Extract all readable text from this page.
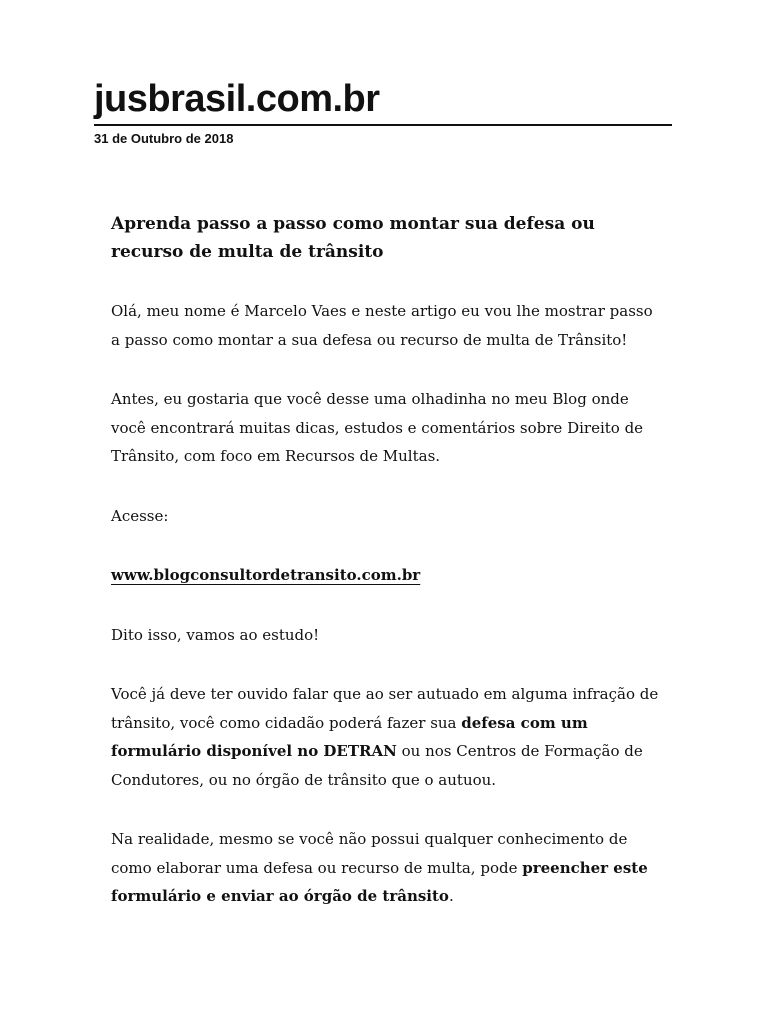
jusbrasil.com.br
31 de Outubro de 2018
Aprenda passo a passo como montar sua defesa ou recurso de multa de trânsito

Olá, meu nome é Marcelo Vaes e neste artigo eu vou lhe mostrar passo a passo como montar a sua defesa ou recurso de multa de Trânsito!

Antes, eu gostaria que você desse uma olhadinha no meu Blog onde você encontrará muitas dicas, estudos e comentários sobre Direito de Trânsito, com foco em Recursos de Multas.

Acesse:

www.blogconsultordetransito.com.br

Dito isso, vamos ao estudo!

Você já deve ter ouvido falar que ao ser autuado em alguma infração de trânsito, você como cidadão poderá fazer sua defesa com um formulário disponível no DETRAN ou nos Centros de Formação de Condutores, ou no órgão de trânsito que o autuou.

Na realidade, mesmo se você não possui qualquer conhecimento de como elaborar uma defesa ou recurso de multa, pode preencher este formulário e enviar ao órgão de trânsito.
